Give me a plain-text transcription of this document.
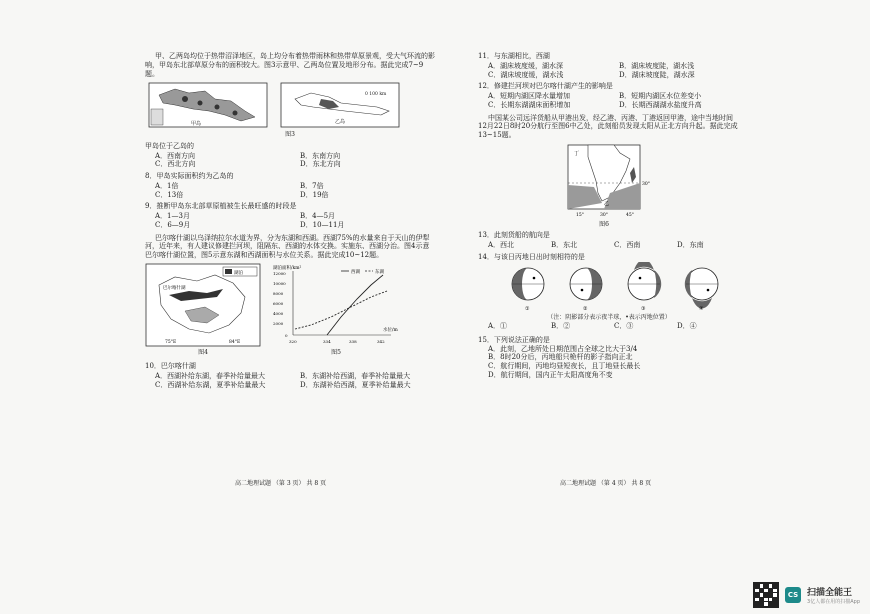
甲、乙两岛均位于热带沼泽地区，岛上均分布着热带雨林和热带草原景观，受大气环流的影响，甲岛东北部草原分布的面积较大。图3示意甲、乙两岛位置及地形分布。据此完成7~9题。

甲岛	乙岛
0 100 km
图3
甲岛位于乙岛的
A．西南方向	B．东南方向
C．西北方向	D．东北方向
8．甲岛实际面积约为乙岛的
A．1倍	B．7倍
C．13倍	D．19倍
9．推断甲岛东北部草原植被生长最旺盛的时段是
A．1—3月	B．4—5月
C．6—9月	D．10—11月

巴尔喀什湖以乌泽纳拉尔水道为界，分为东湖和西湖。西湖75%的水量来自于天山的伊犁河，近年来，有人建议修建拦河坝，阻隔东、西湖的水体交换。实施东、西湖分治。图4示意巴尔喀什湖位置，图5示意东湖和西湖面积与水位关系。据此完成10~12题。

湖泊
巴尔喀什湖
75°E	84°E
图4
湖泊面积/km²
12000
10000
8000
6000
4000
2000
0
320	334	338	342
西湖	东湖
水位/m
图5
10．巴尔喀什湖
A．西湖补给东湖，春季补给量最大	B．东湖补给西湖，春季补给量最大
C．西湖补给东湖，夏季补给量最大	D．东湖补给西湖，夏季补给量最大
高二地理试题 （第 3 页） 共 8 页
11．与东湖相比，西湖
A．湖床坡度缓，湖水深	B．湖床坡度陡，湖水浅
C．湖床坡度缓，湖水浅	D．湖床坡度陡，湖水深
12．修建拦河坝对巴尔喀什湖产生的影响是
A．短期内湖区降水量增加	B．短期内湖区水位差变小
C．长期东湖湖床面积增加	D．长期西湖湖水盐度升高

中国某公司远洋货船从甲港出发，经乙港、丙港、丁港返回甲港，途中当地时间12月22日8时20分航行至图6中乙处，此刻船员发现太阳从正北方向升起。据此完成13~15题。

丁
乙
30°
15°	30°	45°
图6
13．此刻货船的航向是
A．西北	B．东北	C．西南	D．东南
14．与该日丙地日出时刻相符的是
①	②	③	④
（注：阴影部分表示夜半球，•表示丙地位置）
A．①	B．②	C．③	D．④
15．下列说法正确的是
A．此刻，乙地所处日期范围占全球之比大于3/4
B．8时20分后，丙地船只桅杆的影子指向正北
C．航行期间，丙地均昼短夜长，且丁地昼长最长
D．航行期间，国内正午太阳高度角不变
高二地理试题 （第 4 页） 共 8 页
CS 扫描全能王
3亿人都在用的扫描App
